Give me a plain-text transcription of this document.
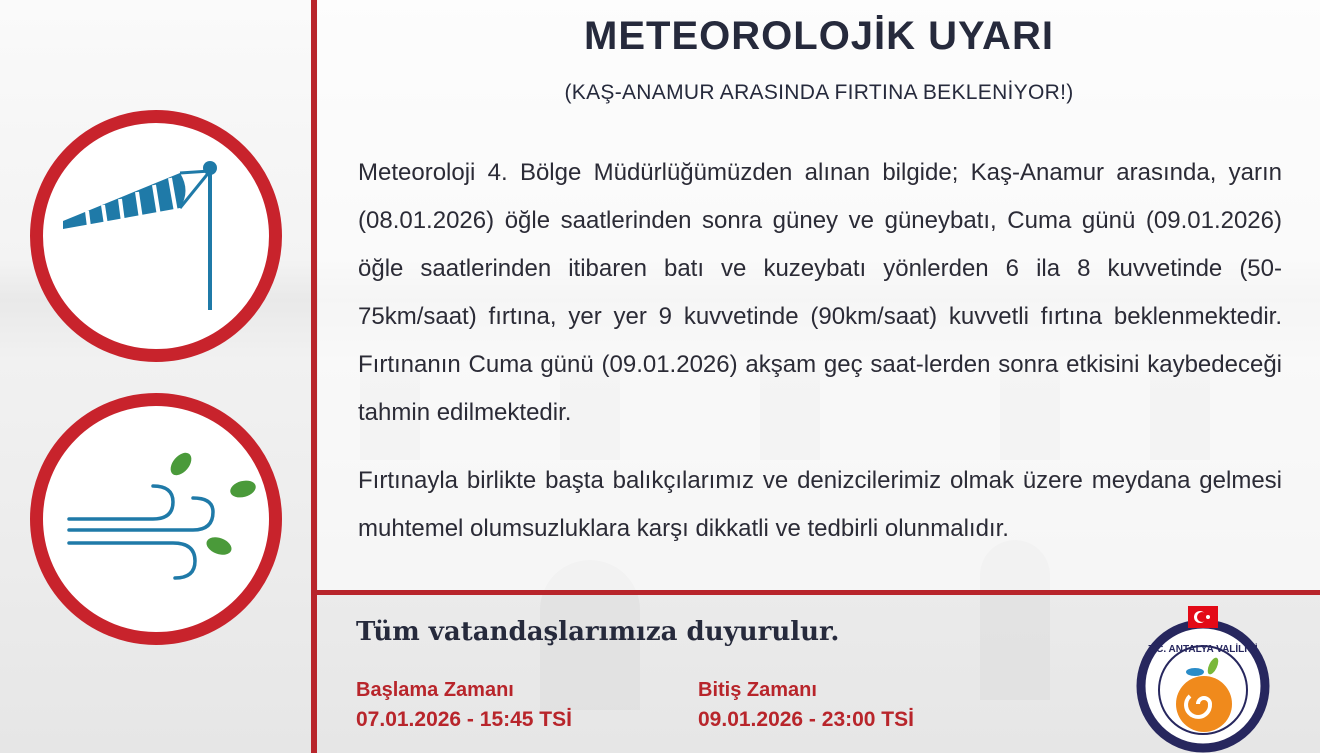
METEOROLOJİK UYARI
(KAŞ-ANAMUR ARASINDA FIRTINA BEKLENİYOR!)

Meteoroloji 4. Bölge Müdürlüğümüzden alınan bilgide; Kaş-Anamur arasında, yarın (08.01.2026) öğle saatlerinden sonra güney ve güneybatı, Cuma günü (09.01.2026) öğle saatlerinden itibaren batı ve kuzeybatı yönlerden 6 ila 8 kuvvetinde (50-75km/saat) fırtına, yer yer 9 kuvvetinde (90km/saat) kuvvetli fırtına beklenmektedir. Fırtınanın Cuma günü (09.01.2026) akşam geç saat-lerden sonra etkisini kaybedeceği tahmin edilmektedir.

Fırtınayla birlikte başta balıkçılarımız ve denizcilerimiz olmak üzere meydana gelmesi muhtemel olumsuzluklara karşı dikkatli ve tedbirli olunmalıdır.

Tüm vatandaşlarımıza duyurulur.
Başlama Zamanı
07.01.2026 - 15:45 TSİ
Bitiş Zamanı
09.01.2026 - 23:00 TSİ
T.C. ANTALYA VALİLİĞİ
